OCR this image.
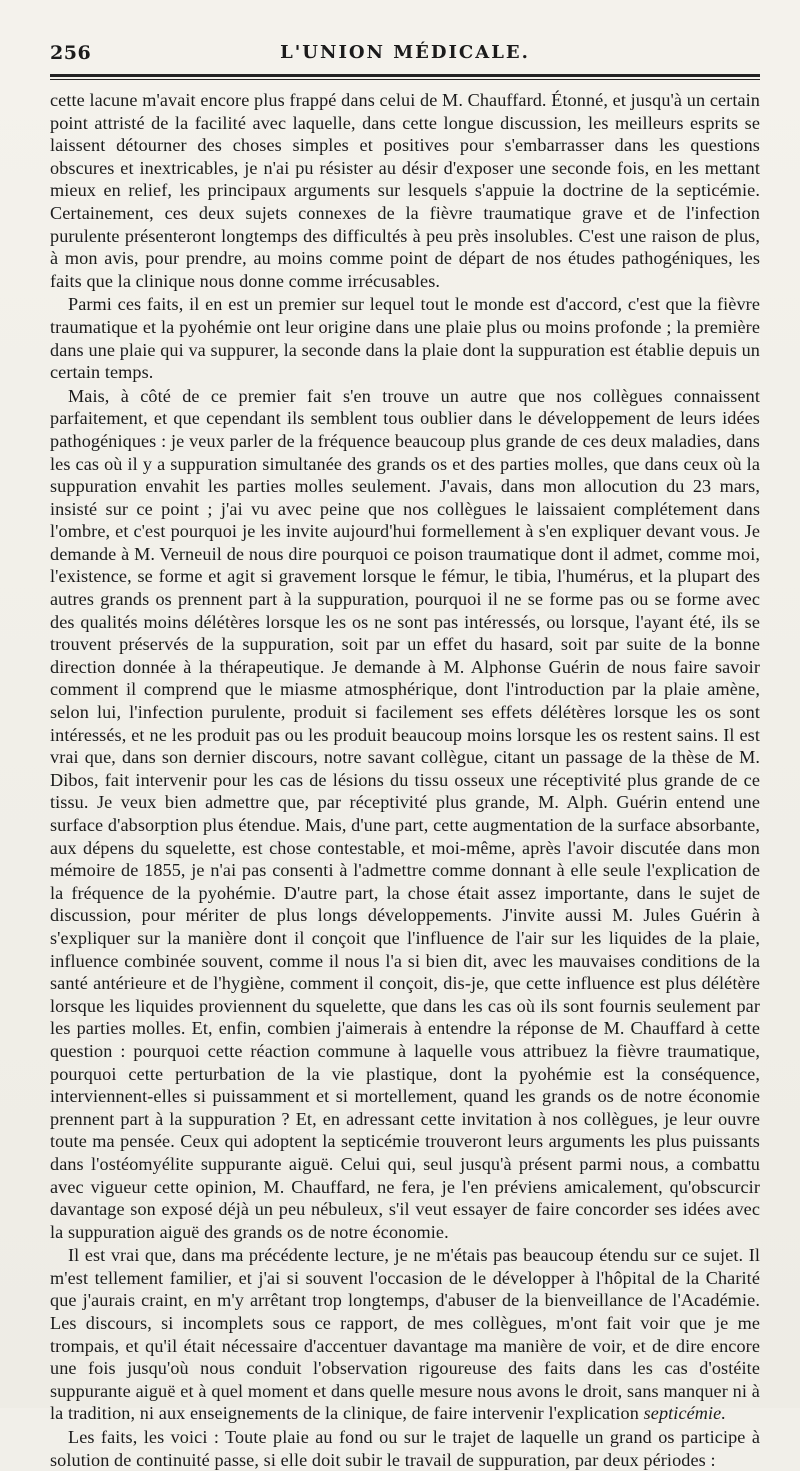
256	L'UNION MÉDICALE.

cette lacune m'avait encore plus frappé dans celui de M. Chauffard. Étonné, et jusqu'à un certain point attristé de la facilité avec laquelle, dans cette longue discussion, les meilleurs esprits se laissent détourner des choses simples et positives pour s'embarrasser dans les questions obscures et inextricables, je n'ai pu résister au désir d'exposer une seconde fois, en les mettant mieux en relief, les principaux arguments sur lesquels s'appuie la doctrine de la septicémie. Certainement, ces deux sujets connexes de la fièvre traumatique grave et de l'infection purulente présenteront longtemps des difficultés à peu près insolubles. C'est une raison de plus, à mon avis, pour prendre, au moins comme point de départ de nos études pathogéniques, les faits que la clinique nous donne comme irrécusables.

Parmi ces faits, il en est un premier sur lequel tout le monde est d'accord, c'est que la fièvre traumatique et la pyohémie ont leur origine dans une plaie plus ou moins profonde ; la première dans une plaie qui va suppurer, la seconde dans la plaie dont la suppuration est établie depuis un certain temps.

Mais, à côté de ce premier fait s'en trouve un autre que nos collègues connaissent parfaitement, et que cependant ils semblent tous oublier dans le développement de leurs idées pathogéniques : je veux parler de la fréquence beaucoup plus grande de ces deux maladies, dans les cas où il y a suppuration simultanée des grands os et des parties molles, que dans ceux où la suppuration envahit les parties molles seulement. J'avais, dans mon allocution du 23 mars, insisté sur ce point ; j'ai vu avec peine que nos collègues le laissaient complétement dans l'ombre, et c'est pourquoi je les invite aujourd'hui formellement à s'en expliquer devant vous. Je demande à M. Verneuil de nous dire pourquoi ce poison traumatique dont il admet, comme moi, l'existence, se forme et agit si gravement lorsque le fémur, le tibia, l'humérus, et la plupart des autres grands os prennent part à la suppuration, pourquoi il ne se forme pas ou se forme avec des qualités moins délétères lorsque les os ne sont pas intéressés, ou lorsque, l'ayant été, ils se trouvent préservés de la suppuration, soit par un effet du hasard, soit par suite de la bonne direction donnée à la thérapeutique. Je demande à M. Alphonse Guérin de nous faire savoir comment il comprend que le miasme atmosphérique, dont l'introduction par la plaie amène, selon lui, l'infection purulente, produit si facilement ses effets délétères lorsque les os sont intéressés, et ne les produit pas ou les produit beaucoup moins lorsque les os restent sains. Il est vrai que, dans son dernier discours, notre savant collègue, citant un passage de la thèse de M. Dibos, fait intervenir pour les cas de lésions du tissu osseux une réceptivité plus grande de ce tissu. Je veux bien admettre que, par réceptivité plus grande, M. Alph. Guérin entend une surface d'absorption plus étendue. Mais, d'une part, cette augmentation de la surface absorbante, aux dépens du squelette, est chose contestable, et moi-même, après l'avoir discutée dans mon mémoire de 1855, je n'ai pas consenti à l'admettre comme donnant à elle seule l'explication de la fréquence de la pyohémie. D'autre part, la chose était assez importante, dans le sujet de discussion, pour mériter de plus longs développements. J'invite aussi M. Jules Guérin à s'expliquer sur la manière dont il conçoit que l'influence de l'air sur les liquides de la plaie, influence combinée souvent, comme il nous l'a si bien dit, avec les mauvaises conditions de la santé antérieure et de l'hygiène, comment il conçoit, dis-je, que cette influence est plus délétère lorsque les liquides proviennent du squelette, que dans les cas où ils sont fournis seulement par les parties molles. Et, enfin, combien j'aimerais à entendre la réponse de M. Chauffard à cette question : pourquoi cette réaction commune à laquelle vous attribuez la fièvre traumatique, pourquoi cette perturbation de la vie plastique, dont la pyohémie est la conséquence, interviennent-elles si puissamment et si mortellement, quand les grands os de notre économie prennent part à la suppuration ? Et, en adressant cette invitation à nos collègues, je leur ouvre toute ma pensée. Ceux qui adoptent la septicémie trouveront leurs arguments les plus puissants dans l'ostéomyélite suppurante aiguë. Celui qui, seul jusqu'à présent parmi nous, a combattu avec vigueur cette opinion, M. Chauffard, ne fera, je l'en préviens amicalement, qu'obscurcir davantage son exposé déjà un peu nébuleux, s'il veut essayer de faire concorder ses idées avec la suppuration aiguë des grands os de notre économie.

Il est vrai que, dans ma précédente lecture, je ne m'étais pas beaucoup étendu sur ce sujet. Il m'est tellement familier, et j'ai si souvent l'occasion de le développer à l'hôpital de la Charité que j'aurais craint, en m'y arrêtant trop longtemps, d'abuser de la bienveillance de l'Académie. Les discours, si incomplets sous ce rapport, de mes collègues, m'ont fait voir que je me trompais, et qu'il était nécessaire d'accentuer davantage ma manière de voir, et de dire encore une fois jusqu'où nous conduit l'observation rigoureuse des faits dans les cas d'ostéite suppurante aiguë et à quel moment et dans quelle mesure nous avons le droit, sans manquer ni à la tradition, ni aux enseignements de la clinique, de faire intervenir l'explication septicémie.

Les faits, les voici : Toute plaie au fond ou sur le trajet de laquelle un grand os participe à solution de continuité passe, si elle doit subir le travail de suppuration, par deux périodes :
